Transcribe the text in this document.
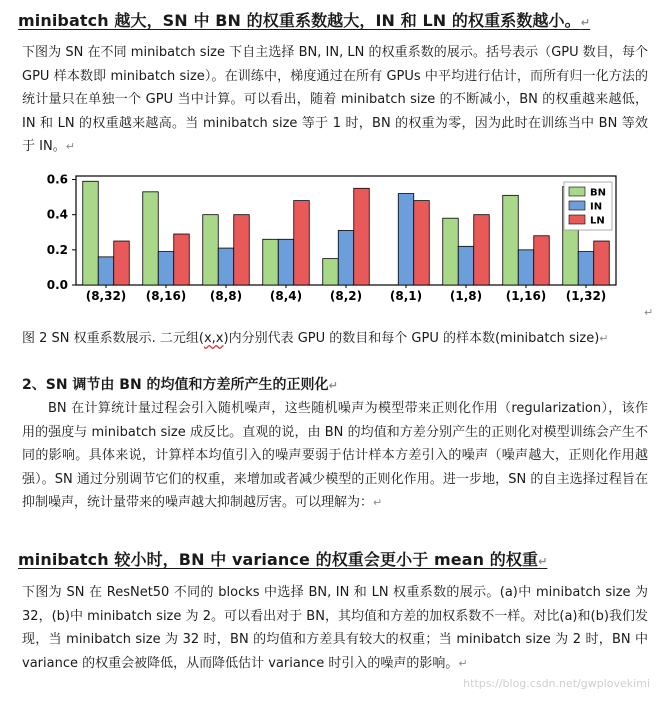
minibatch 越大，SN 中 BN 的权重系数越大，IN 和 LN 的权重系数越小。↵

下图为 SN 在不同 minibatch size 下自主选择 BN, IN, LN 的权重系数的展示。括号表示（GPU 数目，每个 GPU 样本数即 minibatch size）。在训练中，梯度通过在所有 GPUs 中平均进行估计，而所有归一化方法的统计量只在单独一个 GPU 当中计算。可以看出，随着 minibatch size 的不断减小，BN 的权重越来越低，IN 和 LN 的权重越来越高。当 minibatch size 等于 1 时，BN 的权重为零，因为此时在训练当中 BN 等效于 IN。↵

0.0
0.2
0.4
0.6
(8,32) (8,16) (8,8) (8,4) (8,2) (8,1) (1,8) (1,16) (1,32)
BN
IN
LN
↵

图 2 SN 权重系数展示. 二元组(x,x)内分别代表 GPU 的数目和每个 GPU 的样本数(minibatch size)↵

2、SN 调节由 BN 的均值和方差所产生的正则化↵

BN 在计算统计量过程会引入随机噪声，这些随机噪声为模型带来正则化作用（regularization），该作用的强度与 minibatch size 成反比。直观的说，由 BN 的均值和方差分别产生的正则化对模型训练会产生不同的影响。具体来说，计算样本均值引入的噪声要弱于估计样本方差引入的噪声（噪声越大，正则化作用越强）。SN 通过分别调节它们的权重，来增加或者减少模型的正则化作用。进一步地，SN 的自主选择过程旨在抑制噪声，统计量带来的噪声越大抑制越厉害。可以理解为：↵

minibatch 较小时，BN 中 variance 的权重会更小于 mean 的权重↵

下图为 SN 在 ResNet50 不同的 blocks 中选择 BN, IN 和 LN 权重系数的展示。(a)中 minibatch size 为 32，(b)中 minibatch size 为 2。可以看出对于 BN，其均值和方差的加权系数不一样。对比(a)和(b)我们发现，当 minibatch size 为 32 时，BN 的均值和方差具有较大的权重；当 minibatch size 为 2 时，BN 中 variance 的权重会被降低，从而降低估计 variance 时引入的噪声的影响。↵

https://blog.csdn.net/gwplovekimi
